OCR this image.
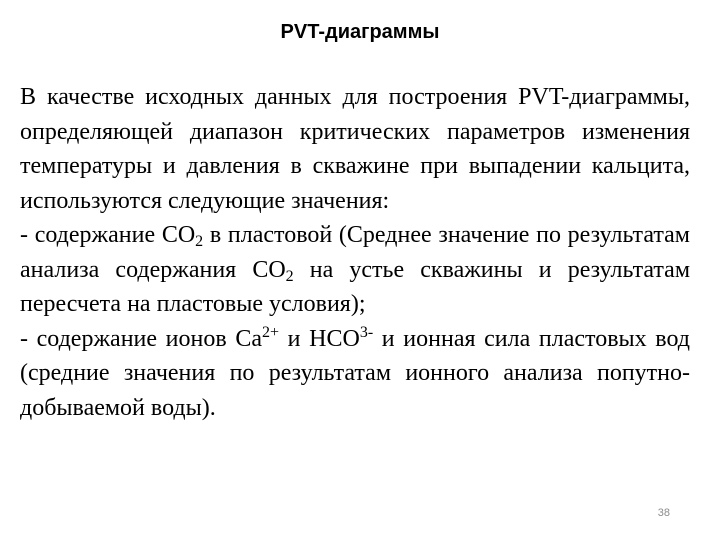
PVT-диаграммы

В качестве исходных данных для построения PVT-диаграммы, определяющей диапазон критических параметров изменения температуры и давления в скважине при выпадении кальцита, используются следующие значения:

- содержание $CO_2$ в пластовой (Среднее значение по результатам анализа содержания $CO_2$ на устье скважины и результатам пересчета на пластовые условия);

- содержание ионов $Ca^{2+}$ и $HCO^{3-}$ и ионная сила пластовых вод (средние значения по результатам ионного анализа попутно-добываемой воды).

38
